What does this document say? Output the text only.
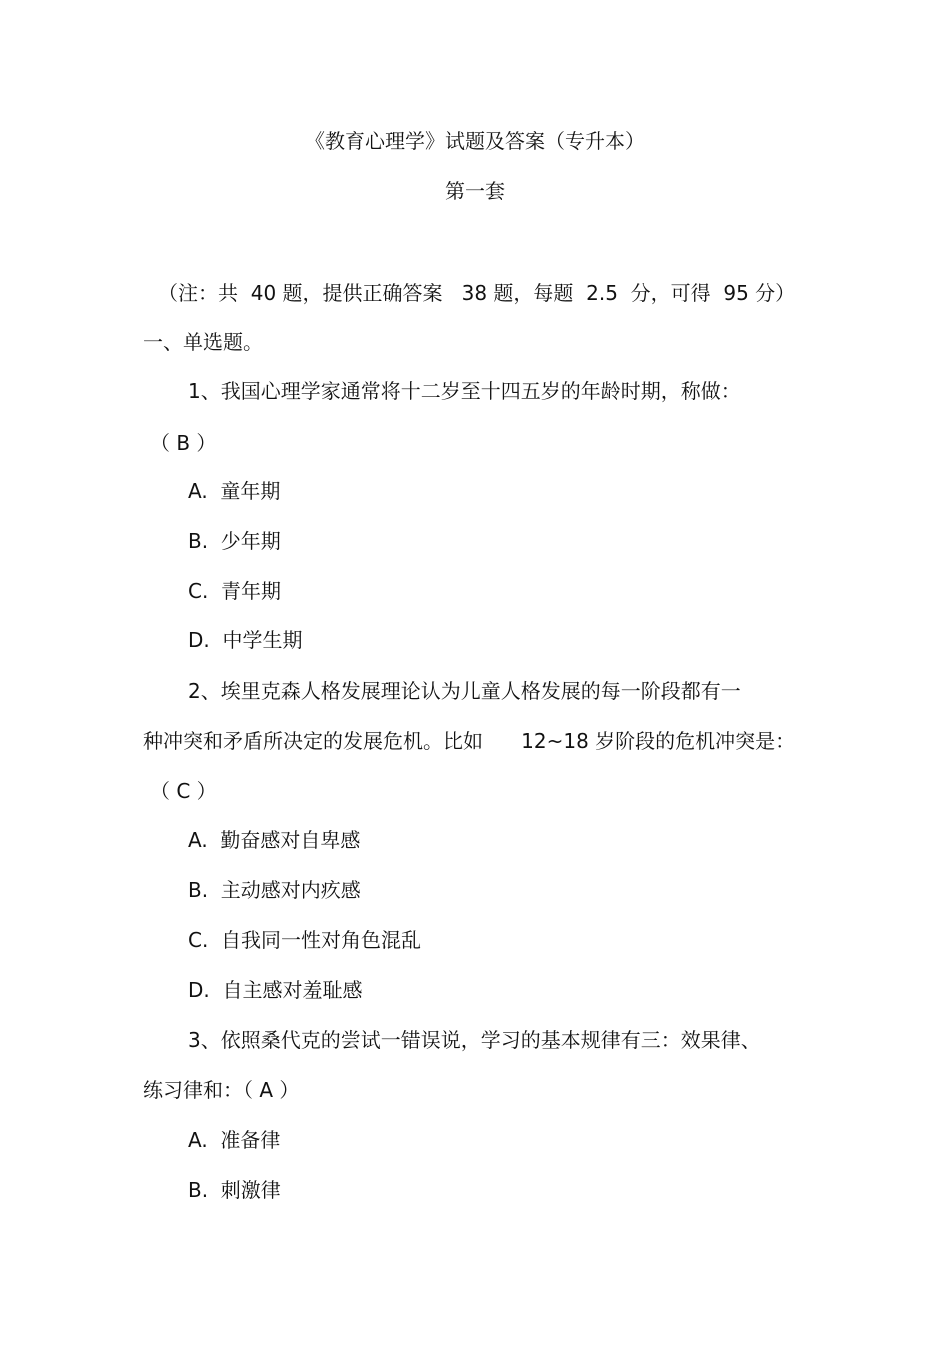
《教育心理学》试题及答案（专升本）
第一套
（注：共  40 题，提供正确答案   38 题，每题  2.5  分，可得  95 分）
一、单选题。
1、我国心理学家通常将十二岁至十四五岁的年龄时期，称做：
（ B ）
A.  童年期
B.  少年期
C.  青年期
D.  中学生期
2、埃里克森人格发展理论认为儿童人格发展的每一阶段都有一
种冲突和矛盾所决定的发展危机。比如      12~18 岁阶段的危机冲突是：
（ C ）
A.  勤奋感对自卑感
B.  主动感对内疚感
C.  自我同一性对角色混乱
D.  自主感对羞耻感
3、依照桑代克的尝试一错误说，学习的基本规律有三：效果律、
练习律和：（ A ）
A.  准备律
B.  刺激律
